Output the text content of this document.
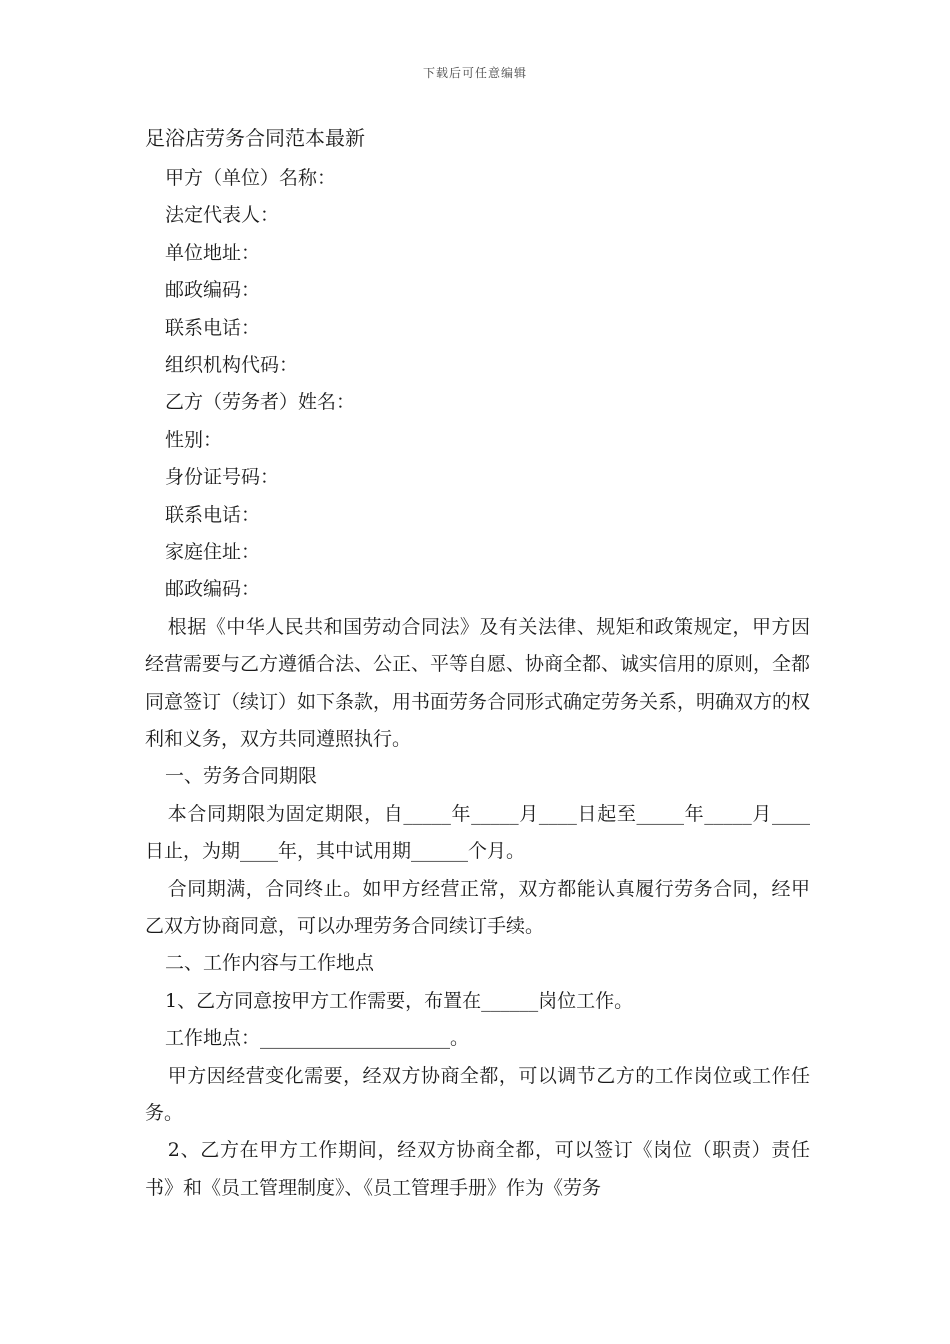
下载后可任意编辑
足浴店劳务合同范本最新
甲方（单位）名称：
法定代表人：
单位地址：
邮政编码：
联系电话：
组织机构代码：
乙方（劳务者）姓名：
性别：
身份证号码：
联系电话：
家庭住址：
邮政编码：

根据《中华人民共和国劳动合同法》及有关法律、规矩和政策规定，甲方因经营需要与乙方遵循合法、公正、平等自愿、协商全都、诚实信用的原则，全都同意签订（续订）如下条款，用书面劳务合同形式确定劳务关系，明确双方的权利和义务，双方共同遵照执行。

一、劳务合同期限

本合同期限为固定期限，自_____年_____月____日起至_____年_____月____日止，为期____年，其中试用期______个月。

合同期满，合同终止。如甲方经营正常，双方都能认真履行劳务合同，经甲乙双方协商同意，可以办理劳务合同续订手续。

二、工作内容与工作地点
1、乙方同意按甲方工作需要，布置在______岗位工作。
工作地点：____________________。

甲方因经营变化需要，经双方协商全都，可以调节乙方的工作岗位或工作任务。

2、乙方在甲方工作期间，经双方协商全都，可以签订《岗位（职责）责任书》和《员工管理制度》、《员工管理手册》作为《劳务
